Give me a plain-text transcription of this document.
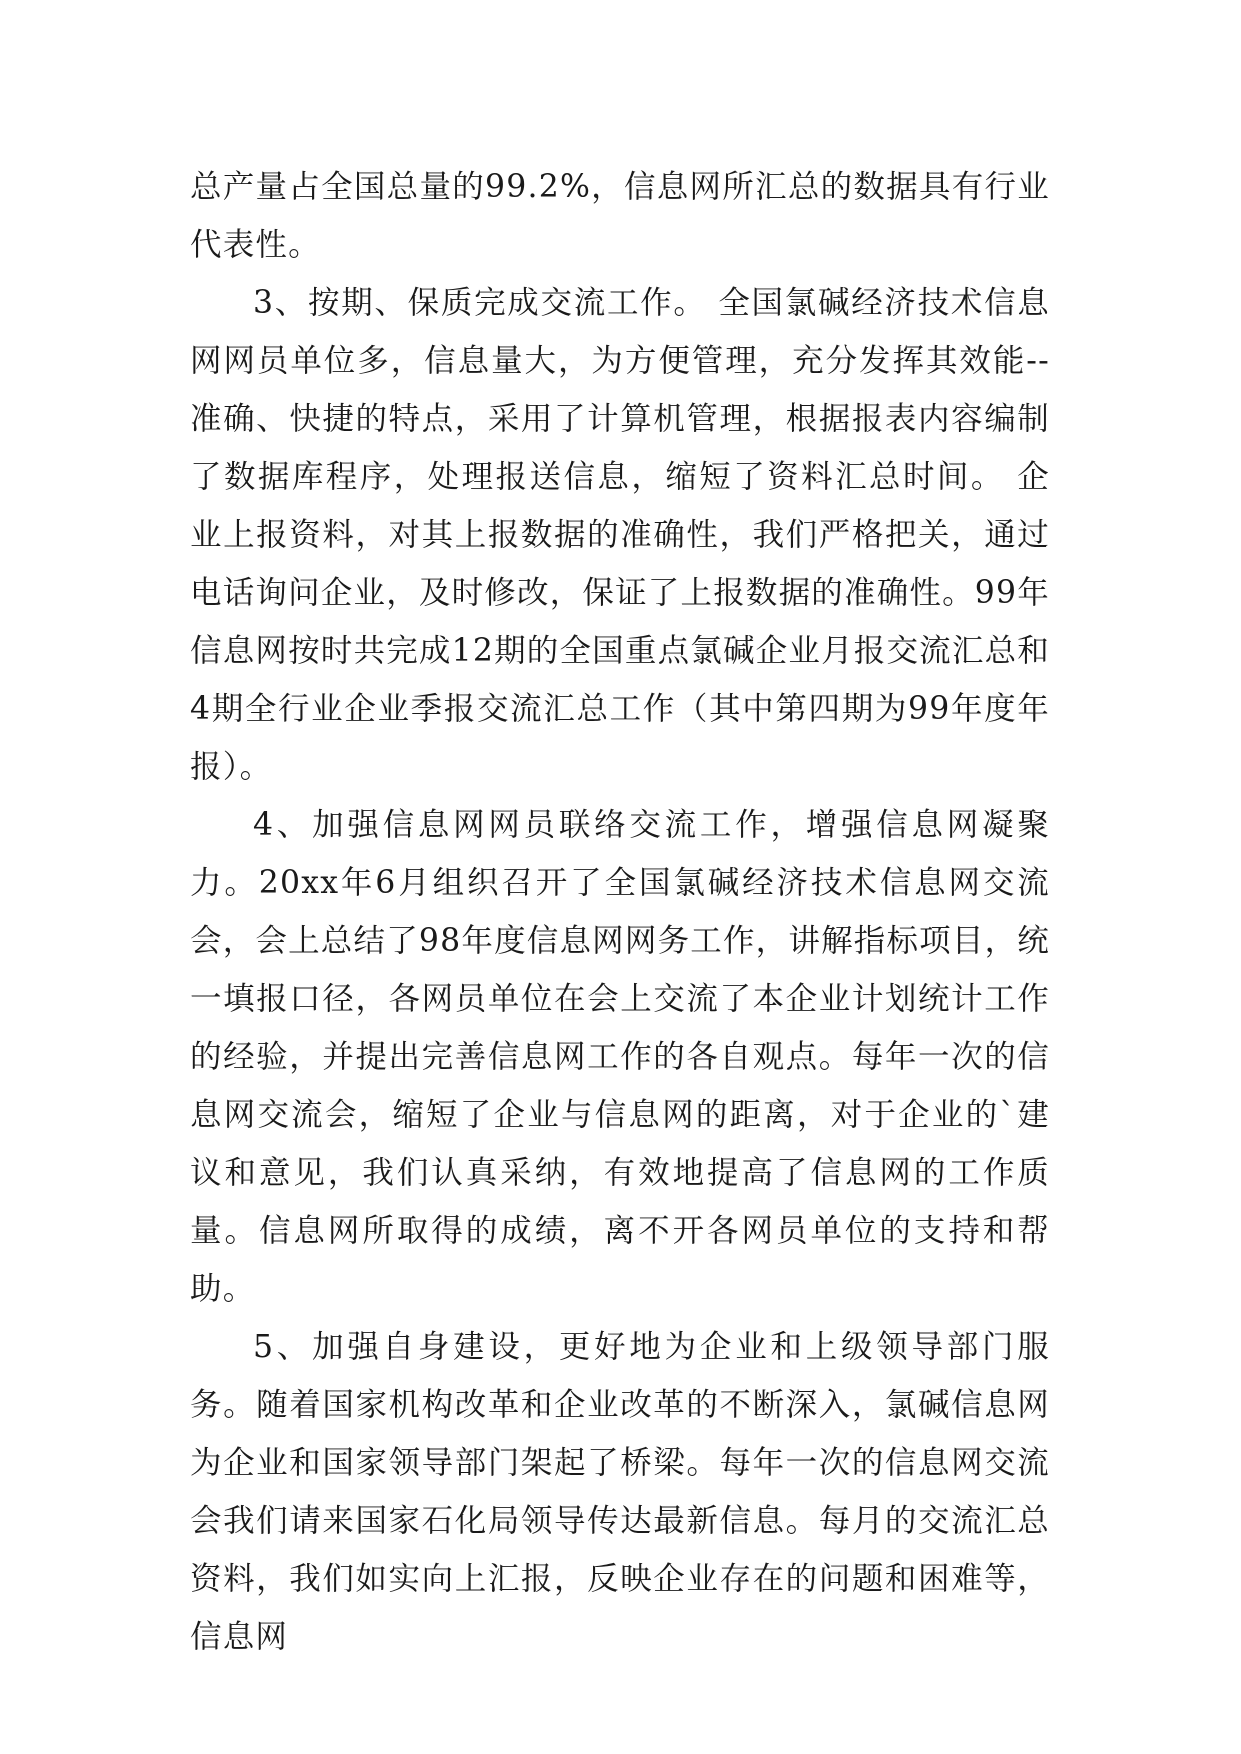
总产量占全国总量的99.2%，信息网所汇总的数据具有行业代表性。

3、按期、保质完成交流工作。 全国氯碱经济技术信息网网员单位多，信息量大，为方便管理，充分发挥其效能--准确、快捷的特点，采用了计算机管理，根据报表内容编制了数据库程序，处理报送信息，缩短了资料汇总时间。 企业上报资料，对其上报数据的准确性，我们严格把关，通过电话询问企业，及时修改，保证了上报数据的准确性。99年信息网按时共完成12期的全国重点氯碱企业月报交流汇总和4期全行业企业季报交流汇总工作（其中第四期为99年度年报）。

4、加强信息网网员联络交流工作，增强信息网凝聚力。20xx年6月组织召开了全国氯碱经济技术信息网交流会，会上总结了98年度信息网网务工作，讲解指标项目，统一填报口径，各网员单位在会上交流了本企业计划统计工作的经验，并提出完善信息网工作的各自观点。每年一次的信息网交流会，缩短了企业与信息网的距离，对于企业的`建议和意见，我们认真采纳，有效地提高了信息网的工作质量。信息网所取得的成绩，离不开各网员单位的支持和帮助。

5、加强自身建设，更好地为企业和上级领导部门服务。随着国家机构改革和企业改革的不断深入，氯碱信息网为企业和国家领导部门架起了桥梁。每年一次的信息网交流会我们请来国家石化局领导传达最新信息。每月的交流汇总资料，我们如实向上汇报，反映企业存在的问题和困难等，信息网
